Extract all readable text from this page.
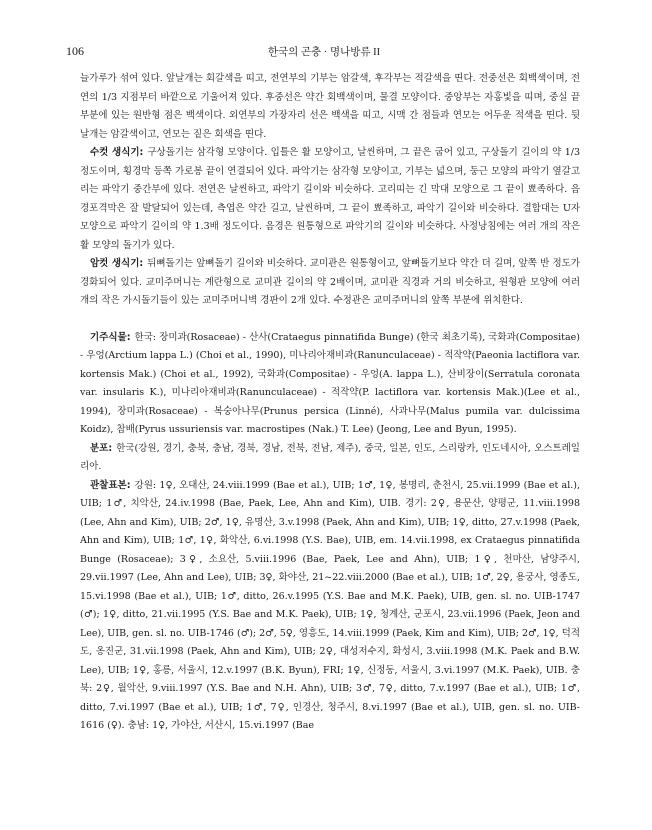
106	한국의 곤충 · 명나방류 II

늘가루가 섞여 있다. 앞날개는 회갈색을 띠고, 전연부의 기부는 암갈색, 후각부는 적갈색을 띤다. 전중선은 회백색이며, 전연의 1/3 지점부터 바깥으로 기울어져 있다. 후중선은 약간 회백색이며, 물결 모양이다. 중앙부는 자홍빛을 띠며, 중실 끝부분에 있는 원반형 점은 백색이다. 외연부의 가장자리 선은 백색을 띠고, 시맥 간 점들과 연모는 어두운 적색을 띤다. 뒷날개는 암갈색이고, 연모는 짙은 회색을 띤다.

수컷 생식기: 구상돌기는 삼각형 모양이다. 입틀은 활 모양이고, 날씬하며, 그 끝은 굽어 있고, 구상돌기 길이의 약 1/3 정도이며, 횡경막 등쪽 가로봉 끝이 연결되어 있다. 파악기는 삼각형 모양이고, 기부는 넓으며, 둥근 모양의 파악기 옆갈고리는 파악기 중간부에 있다. 전연은 날씬하고, 파악기 길이와 비슷하다. 고리띠는 긴 막대 모양으로 그 끝이 뾰족하다. 음경포격막은 잘 발달되어 있는데, 측엽은 약간 길고, 날씬하며, 그 끝이 뾰족하고, 파악기 길이와 비슷하다. 결합대는 U자 모양으로 파악기 길이의 약 1.3배 정도이다. 음경은 원통형으로 파악기의 길이와 비슷하다. 사정낭침에는 여러 개의 작은 활 모양의 돌기가 있다.

암컷 생식기: 뒤뼈돌기는 앞뼈돌기 길이와 비슷하다. 교미관은 원통형이고, 앞뼈돌기보다 약간 더 길며, 앞쪽 반 정도가 경화되어 있다. 교미주머니는 계란형으로 교미관 길이의 약 2배이며, 교미관 직경과 거의 비슷하고, 원형판 모양에 여러 개의 작은 가시돌기들이 있는 교미주머니벽 경판이 2개 있다. 수정관은 교미주머니의 앞쪽 부분에 위치한다.

기주식물: 한국: 장미과(Rosaceae) - 산사(Crataegus pinnatifida Bunge) (한국 최초기록), 국화과(Compositae) - 우엉(Arctium lappa L.) (Choi et al., 1990), 미나리아재비과(Ranunculaceae) - 적작약(Paeonia lactiflora var. kortensis Mak.) (Choi et al., 1992), 국화과(Compositae) - 우엉(A. lappa L.), 산비장이(Serratula coronata var. insularis K.), 미나리아재비과(Ranunculaceae) - 적작약(P. lactiflora var. kortensis Mak.)(Lee et al., 1994), 장미과(Rosaceae) - 복숭아나무(Prunus persica (Linné), 사과나무(Malus pumila var. dulcissima Koidz), 참배(Pyrus ussuriensis var. macrostipes (Nak.) T. Lee) (Jeong, Lee and Byun, 1995).

분포: 한국(강원, 경기, 충북, 충남, 경북, 경남, 전북, 전남, 제주), 중국, 일본, 인도, 스리랑카, 인도네시아, 오스트레일리아.

관찰표본: 강원: 1♀, 오대산, 24.viii.1999 (Bae et al.), UIB; 1♂, 1♀, 봉명리, 춘천시, 25.vii.1999 (Bae et al.), UIB; 1♂, 치악산, 24.iv.1998 (Bae, Paek, Lee, Ahn and Kim), UIB. 경기: 2♀, 용문산, 양평군, 11.viii.1998 (Lee, Ahn and Kim), UIB; 2♂, 1♀, 유명산, 3.v.1998 (Paek, Ahn and Kim), UIB; 1♀, ditto, 27.v.1998 (Paek, Ahn and Kim), UIB; 1♂, 1♀, 화악산, 6.vi.1998 (Y.S. Bae), UIB, em. 14.vii.1998, ex Crataegus pinnatifida Bunge (Rosaceae); 3♀, 소요산, 5.viii.1996 (Bae, Paek, Lee and Ahn), UIB; 1♀, 천마산, 남양주시, 29.vii.1997 (Lee, Ahn and Lee), UIB; 3♀, 화야산, 21~22.viii.2000 (Bae et al.), UIB; 1♂, 2♀, 용궁사, 영종도, 15.vi.1998 (Bae et al.), UIB; 1♂, ditto, 26.v.1995 (Y.S. Bae and M.K. Paek), UIB, gen. sl. no. UIB-1747 (♂); 1♀, ditto, 21.vii.1995 (Y.S. Bae and M.K. Paek), UIB; 1♀, 청계산, 군포시, 23.vii.1996 (Paek, Jeon and Lee), UIB, gen. sl. no. UIB-1746 (♂); 2♂, 5♀, 영흥도, 14.viii.1999 (Paek, Kim and Kim), UIB; 2♂, 1♀, 덕적도, 옹진군, 31.vii.1998 (Paek, Ahn and Kim), UIB; 2♀, 대성저수지, 화성시, 3.viii.1998 (M.K. Paek and B.W. Lee), UIB; 1♀, 홍릉, 서울시, 12.v.1997 (B.K. Byun), FRI; 1♀, 신정동, 서울시, 3.vi.1997 (M.K. Paek), UIB. 충북: 2♀, 월악산, 9.viii.1997 (Y.S. Bae and N.H. Ahn), UIB; 3♂, 7♀, ditto, 7.v.1997 (Bae et al.), UIB; 1♂, ditto, 7.vi.1997 (Bae et al.), UIB; 1♂, 7♀, 인경산, 청주시, 8.vi.1997 (Bae et al.), UIB, gen. sl. no. UIB-1616 (♀). 충남: 1♀, 가야산, 서산시, 15.vi.1997 (Bae
